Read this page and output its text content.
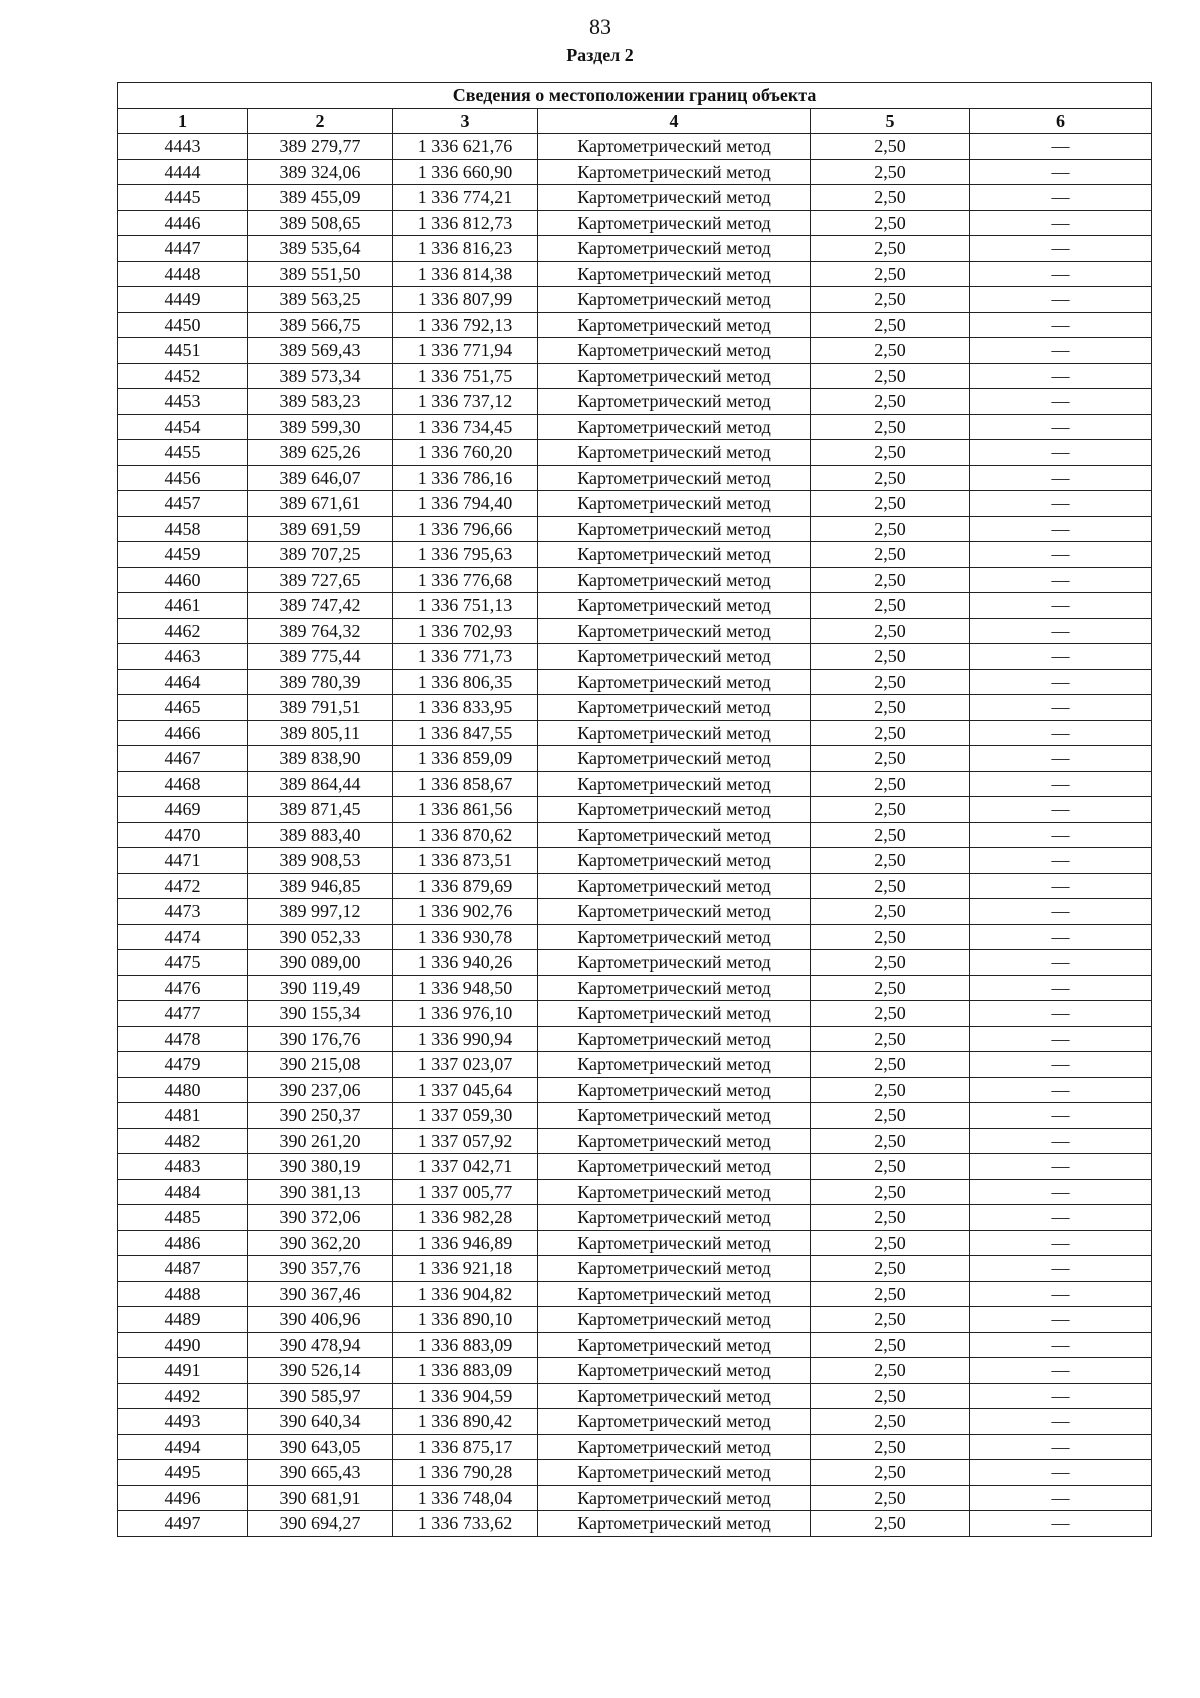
83
Раздел 2
Сведения о местоположении границ объекта					
1	2	3	4	5	6
4443	389 279,77	1 336 621,76	Картометрический метод	2,50	—
4444	389 324,06	1 336 660,90	Картометрический метод	2,50	—
4445	389 455,09	1 336 774,21	Картометрический метод	2,50	—
4446	389 508,65	1 336 812,73	Картометрический метод	2,50	—
4447	389 535,64	1 336 816,23	Картометрический метод	2,50	—
4448	389 551,50	1 336 814,38	Картометрический метод	2,50	—
4449	389 563,25	1 336 807,99	Картометрический метод	2,50	—
4450	389 566,75	1 336 792,13	Картометрический метод	2,50	—
4451	389 569,43	1 336 771,94	Картометрический метод	2,50	—
4452	389 573,34	1 336 751,75	Картометрический метод	2,50	—
4453	389 583,23	1 336 737,12	Картометрический метод	2,50	—
4454	389 599,30	1 336 734,45	Картометрический метод	2,50	—
4455	389 625,26	1 336 760,20	Картометрический метод	2,50	—
4456	389 646,07	1 336 786,16	Картометрический метод	2,50	—
4457	389 671,61	1 336 794,40	Картометрический метод	2,50	—
4458	389 691,59	1 336 796,66	Картометрический метод	2,50	—
4459	389 707,25	1 336 795,63	Картометрический метод	2,50	—
4460	389 727,65	1 336 776,68	Картометрический метод	2,50	—
4461	389 747,42	1 336 751,13	Картометрический метод	2,50	—
4462	389 764,32	1 336 702,93	Картометрический метод	2,50	—
4463	389 775,44	1 336 771,73	Картометрический метод	2,50	—
4464	389 780,39	1 336 806,35	Картометрический метод	2,50	—
4465	389 791,51	1 336 833,95	Картометрический метод	2,50	—
4466	389 805,11	1 336 847,55	Картометрический метод	2,50	—
4467	389 838,90	1 336 859,09	Картометрический метод	2,50	—
4468	389 864,44	1 336 858,67	Картометрический метод	2,50	—
4469	389 871,45	1 336 861,56	Картометрический метод	2,50	—
4470	389 883,40	1 336 870,62	Картометрический метод	2,50	—
4471	389 908,53	1 336 873,51	Картометрический метод	2,50	—
4472	389 946,85	1 336 879,69	Картометрический метод	2,50	—
4473	389 997,12	1 336 902,76	Картометрический метод	2,50	—
4474	390 052,33	1 336 930,78	Картометрический метод	2,50	—
4475	390 089,00	1 336 940,26	Картометрический метод	2,50	—
4476	390 119,49	1 336 948,50	Картометрический метод	2,50	—
4477	390 155,34	1 336 976,10	Картометрический метод	2,50	—
4478	390 176,76	1 336 990,94	Картометрический метод	2,50	—
4479	390 215,08	1 337 023,07	Картометрический метод	2,50	—
4480	390 237,06	1 337 045,64	Картометрический метод	2,50	—
4481	390 250,37	1 337 059,30	Картометрический метод	2,50	—
4482	390 261,20	1 337 057,92	Картометрический метод	2,50	—
4483	390 380,19	1 337 042,71	Картометрический метод	2,50	—
4484	390 381,13	1 337 005,77	Картометрический метод	2,50	—
4485	390 372,06	1 336 982,28	Картометрический метод	2,50	—
4486	390 362,20	1 336 946,89	Картометрический метод	2,50	—
4487	390 357,76	1 336 921,18	Картометрический метод	2,50	—
4488	390 367,46	1 336 904,82	Картометрический метод	2,50	—
4489	390 406,96	1 336 890,10	Картометрический метод	2,50	—
4490	390 478,94	1 336 883,09	Картометрический метод	2,50	—
4491	390 526,14	1 336 883,09	Картометрический метод	2,50	—
4492	390 585,97	1 336 904,59	Картометрический метод	2,50	—
4493	390 640,34	1 336 890,42	Картометрический метод	2,50	—
4494	390 643,05	1 336 875,17	Картометрический метод	2,50	—
4495	390 665,43	1 336 790,28	Картометрический метод	2,50	—
4496	390 681,91	1 336 748,04	Картометрический метод	2,50	—
4497	390 694,27	1 336 733,62	Картометрический метод	2,50	—
